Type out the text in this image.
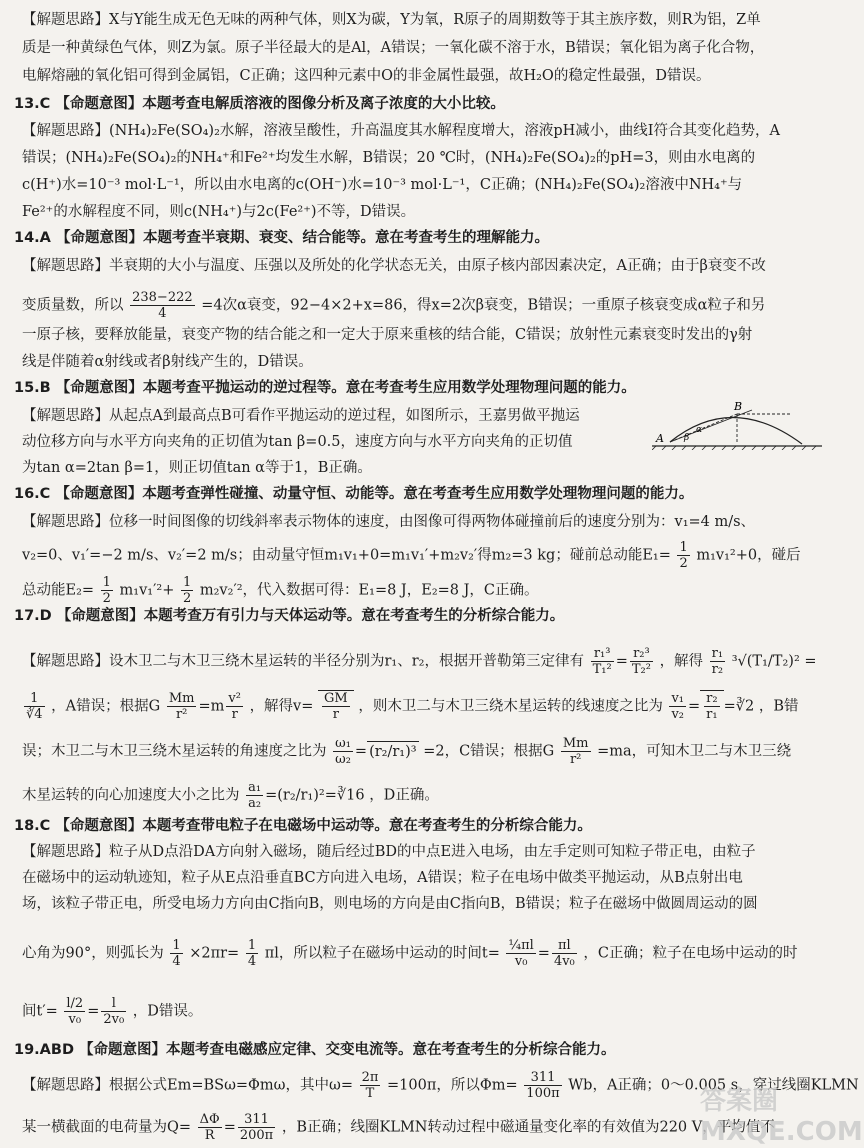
【解题思路】X与Y能生成无色无味的两种气体，则X为碳，Y为氧，R原子的周期数等于其主族序数，则R为铝，Z单
质是一种黄绿色气体，则Z为氯。原子半径最大的是Al，A错误；一氧化碳不溶于水，B错误；氧化铝为离子化合物，
电解熔融的氧化铝可得到金属铝，C正确；这四种元素中O的非金属性最强，故H₂O的稳定性最强，D错误。
13.C 【命题意图】本题考查电解质溶液的图像分析及离子浓度的大小比较。
【解题思路】(NH₄)₂Fe(SO₄)₂水解，溶液呈酸性，升高温度其水解程度增大，溶液pH减小，曲线Ⅰ符合其变化趋势，A
错误；(NH₄)₂Fe(SO₄)₂的NH₄⁺和Fe²⁺均发生水解，B错误；20 ℃时，(NH₄)₂Fe(SO₄)₂的pH=3，则由水电离的
c(H⁺)水=10⁻³ mol·L⁻¹，所以由水电离的c(OH⁻)水=10⁻³ mol·L⁻¹，C正确；(NH₄)₂Fe(SO₄)₂溶液中NH₄⁺与
Fe²⁺的水解程度不同，则c(NH₄⁺)与2c(Fe²⁺)不等，D错误。
14.A 【命题意图】本题考查半衰期、衰变、结合能等。意在考查考生的理解能力。
【解题思路】半衰期的大小与温度、压强以及所处的化学状态无关，由原子核内部因素决定，A正确；由于β衰变不改
变质量数，所以 $\frac{238-222}{4} =4$次α衰变，92−4×2+x=86，得x=2次β衰变，B错误；一重原子核衰变成α粒子和另
一原子核，要释放能量，衰变产物的结合能之和一定大于原来重核的结合能，C错误；放射性元素衰变时发出的γ射
线是伴随着α射线或者β射线产生的，D错误。
15.B 【命题意图】本题考查平抛运动的逆过程等。意在考查考生应用数学处理物理问题的能力。
【解题思路】从起点A到最高点B可看作平抛运动的逆过程，如图所示，王嘉男做平抛运
动位移方向与水平方向夹角的正切值为tan β=0.5，速度方向与水平方向夹角的正切值
为tan α=2tan β=1，则正切值tan α等于1，B正确。
A
B
β
α
16.C 【命题意图】本题考查弹性碰撞、动量守恒、动能等。意在考查考生应用数学处理物理问题的能力。
【解题思路】位移一时间图像的切线斜率表示物体的速度，由图像可得两物体碰撞前后的速度分别为：v₁=4 m/s、
v₂=0、v₁′=−2 m/s、v₂′=2 m/s；由动量守恒m₁v₁+0=m₁v₁′+m₂v₂′得m₂=3 kg；碰前总动能$E_1= \frac{1}{2} m_1v_1^2+0$，碰后
总动能$E_2= \frac{1}{2} m_1v_1'^2+ \frac{1}{2} m_2v_2'^2$，代入数据可得：E₁=8 J，E₂=8 J，C正确。
17.D 【命题意图】本题考查万有引力与天体运动等。意在考查考生的分析综合能力。
【解题思路】设木卫二与木卫三绕木星运转的半径分别为r₁、r₂，根据开普勒第三定律有 $\frac{\text{r₁³}}{\text{T₁²}} = \frac{\text{r₂³}}{\text{T₂²}}$ ，解得 $\frac{\text{r₁}}{\text{r₂}} ^3√(T_1/T_2)^2$ =
$\frac{1}{∛4}$ ，A错误；根据G $\frac{Mm}{\text{r²}} =m \frac{\text{v²}}{r}$ ，解得$v= \frac{GM}{r}$ ，则木卫二与木卫三绕木星运转的线速度之比为 $\frac{\text{v₁}}{\text{v₂}} = \frac{\text{r₂}}{\text{r₁}}$ =∛2 ，B错
误；木卫二与木卫三绕木星运转的角速度之比为 $\frac{\text{ω₁}}{\text{ω₂}} = (r_2/r_1)^3 =2$，C错误；根据G $\frac{Mm}{\text{r²}} =ma$，可知木卫二与木卫三绕
木星运转的向心加速度大小之比为 $\frac{\text{a₁}}{\text{a₂}}$ =(r₂/r₁)²=∛16 ，D正确。
18.C 【命题意图】本题考查带电粒子在电磁场中运动等。意在考查考生的分析综合能力。
【解题思路】粒子从D点沿DA方向射入磁场，随后经过BD的中点E进入电场，由左手定则可知粒子带正电，由粒子
在磁场中的运动轨迹知，粒子从E点沿垂直BC方向进入电场，A错误；粒子在电场中做类平抛运动，从B点射出电
场，该粒子带正电，所受电场力方向由C指向B，则电场的方向是由C指向B，B错误；粒子在磁场中做圆周运动的圆
心角为90°，则弧长为 $\frac{1}{4} \times 2\pi r= \frac{1}{4}$ πl，所以粒子在磁场中运动的时间$t= \frac{\text{¼πl}}{\text{v₀}} = \frac{\pi l}{\text{4v₀}}$ ，C正确；粒子在电场中运动的时
间$t'= \frac{l/2}{\text{v₀}} = \frac{l}{\text{2v₀}}$ ，D错误。
19.ABD 【命题意图】本题考查电磁感应定律、交变电流等。意在考查考生的分析综合能力。
【解题思路】根据公式Em=BSω=Φmω，其中$\omega= \frac{2\pi}{T} =100\pi$，所以$\Phi m= \frac{311}{100\pi}$ Wb，A正确；0～0.005 s，穿过线圈KLMN
某一横截面的电荷量为$Q= \frac{\Delta\Phi}{R} = \frac{311}{200\pi}$ ，B正确；线圈KLMN转动过程中磁通量变化率的有效值为220 V，平均值不
答案圈 MXQE.COM
